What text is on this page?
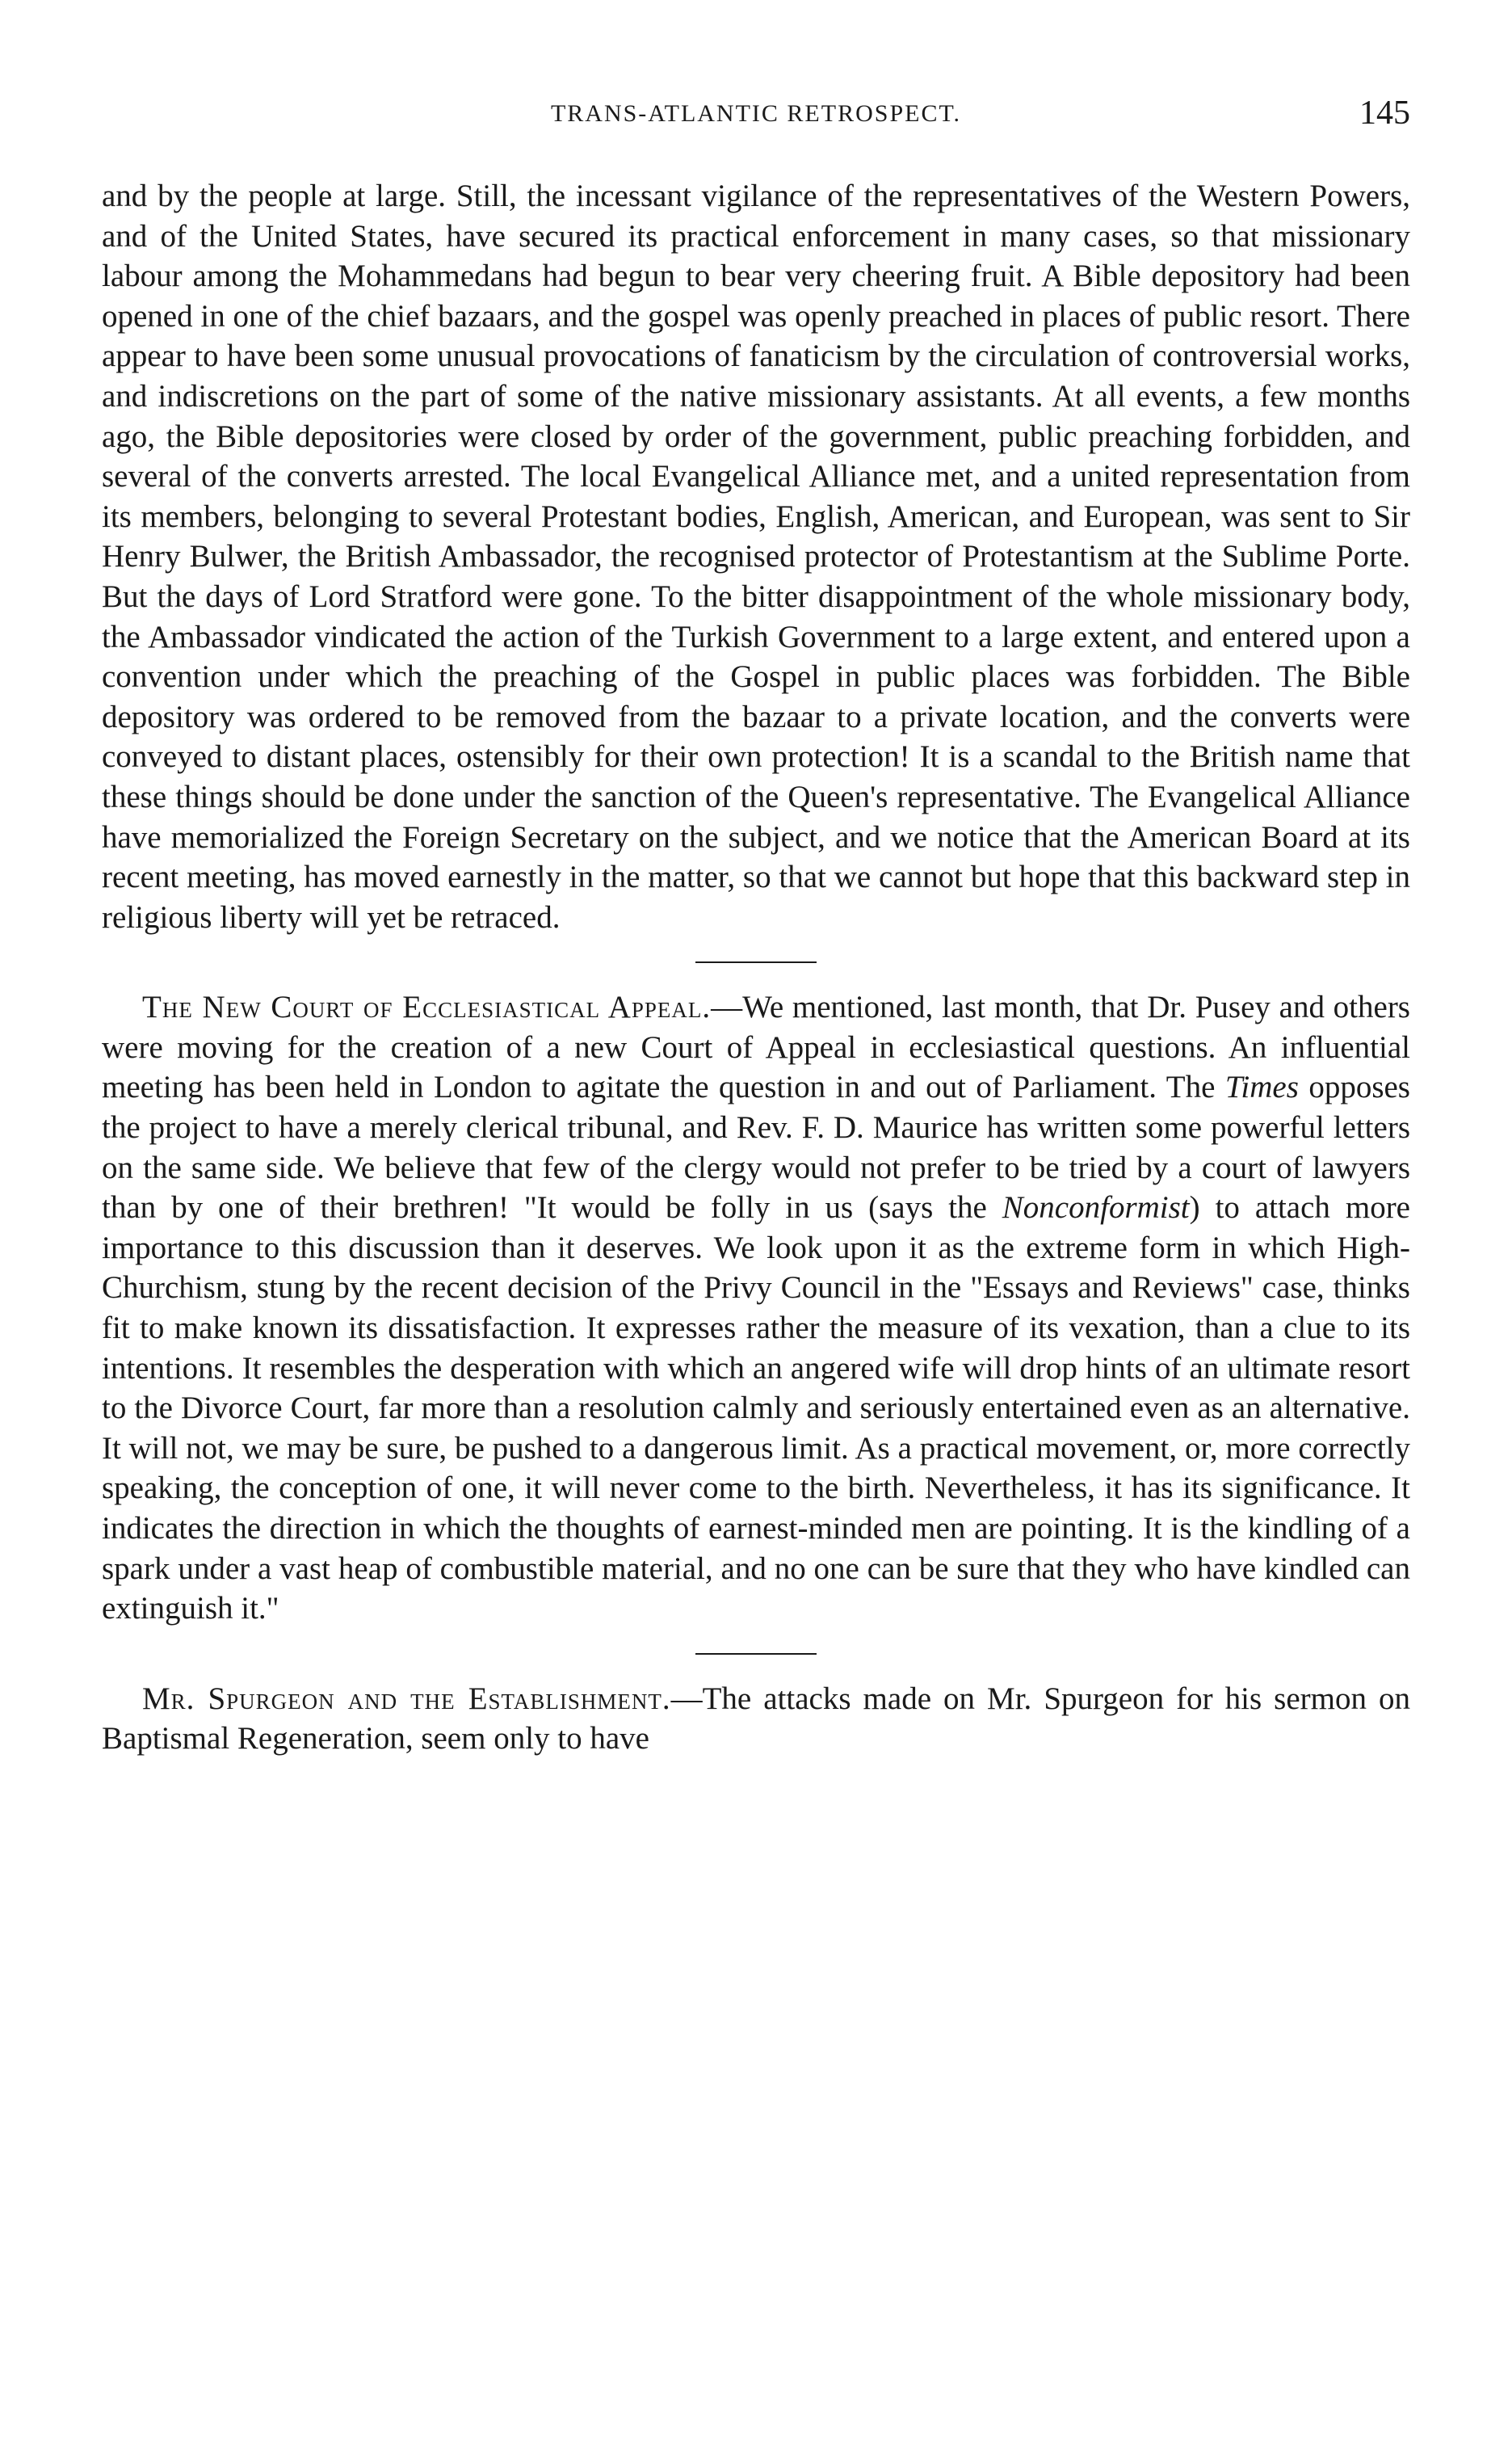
TRANS-ATLANTIC RETROSPECT.	145

and by the people at large. Still, the incessant vigilance of the representatives of the Western Powers, and of the United States, have secured its practical enforcement in many cases, so that missionary labour among the Mohammedans had begun to bear very cheering fruit. A Bible depository had been opened in one of the chief bazaars, and the gospel was openly preached in places of public resort. There appear to have been some unusual provocations of fanaticism by the circulation of controversial works, and indiscretions on the part of some of the native missionary assistants. At all events, a few months ago, the Bible depositories were closed by order of the government, public preaching forbidden, and several of the converts arrested. The local Evangelical Alliance met, and a united representation from its members, belonging to several Protestant bodies, English, American, and European, was sent to Sir Henry Bulwer, the British Ambassador, the recognised protector of Protestantism at the Sublime Porte. But the days of Lord Stratford were gone. To the bitter disappointment of the whole missionary body, the Ambassador vindicated the action of the Turkish Government to a large extent, and entered upon a convention under which the preaching of the Gospel in public places was forbidden. The Bible depository was ordered to be removed from the bazaar to a private location, and the converts were conveyed to distant places, ostensibly for their own protection! It is a scandal to the British name that these things should be done under the sanction of the Queen's representative. The Evangelical Alliance have memorialized the Foreign Secretary on the subject, and we notice that the American Board at its recent meeting, has moved earnestly in the matter, so that we cannot but hope that this backward step in religious liberty will yet be retraced.

The New Court of Ecclesiastical Appeal.—We mentioned, last month, that Dr. Pusey and others were moving for the creation of a new Court of Appeal in ecclesiastical questions. An influential meeting has been held in London to agitate the question in and out of Parliament. The Times opposes the project to have a merely clerical tribunal, and Rev. F. D. Maurice has written some powerful letters on the same side. We believe that few of the clergy would not prefer to be tried by a court of lawyers than by one of their brethren! "It would be folly in us (says the Nonconformist) to attach more importance to this discussion than it deserves. We look upon it as the extreme form in which High-Churchism, stung by the recent decision of the Privy Council in the "Essays and Reviews" case, thinks fit to make known its dissatisfaction. It expresses rather the measure of its vexation, than a clue to its intentions. It resembles the desperation with which an angered wife will drop hints of an ultimate resort to the Divorce Court, far more than a resolution calmly and seriously entertained even as an alternative. It will not, we may be sure, be pushed to a dangerous limit. As a practical movement, or, more correctly speaking, the conception of one, it will never come to the birth. Nevertheless, it has its significance. It indicates the direction in which the thoughts of earnest-minded men are pointing. It is the kindling of a spark under a vast heap of combustible material, and no one can be sure that they who have kindled can extinguish it."

Mr. Spurgeon and the Establishment.—The attacks made on Mr. Spurgeon for his sermon on Baptismal Regeneration, seem only to have
